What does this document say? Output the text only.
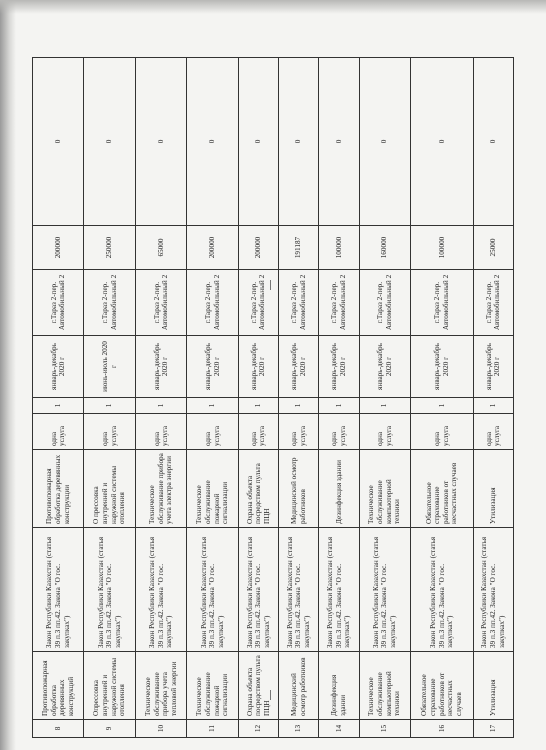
8	Противопожарная обработка деревянных конструкций	Закон Республики Казахстан (статья 39 п.3 пп.42. Закона "О гос. закупках")	Противопожарная обработка деревянных конструкции	одна услуга	1	январь-декабрь 2020 г	г.Тараз 2-пер. Автомобильный 2	200000	0
9	Опрессовка внутренней и наружной системы отопления	Закон Республики Казахстан (статья 39 п.3 пп.42. Закона "О гос. закупках")	О прессовка внутренней и наружной системы отопления	одна услуга	1	июнь-июль 2020 г	г.Тараз 2-пер. Автомобильный 2	250000	0
10	Техническое обслуживание прибора учета тепловой энергии	Закон Республики Казахстан (статья 39 п.3 пп.42. Закона "О гос. закупках")	Техническое обслуживание прибора учета электра энергии	одна услуга	1	январь-декабрь 2020 г	г.Тараз 2-пер. Автомобильный 2	65000	0
11	Техническое обслуживание пожарной сигнализации	Закон Республики Казахстан (статья 39 п.3 пп.42. Закона "О гос. закупках")	Техническое обслуживание пожарной сигнализации	одна услуга	1	январь-декабрь 2020 г	г.Тараз 2-пер. Автомобильный 2	200000	0
12	Охрана объекта посредством пульта ПЦН	Закон Республики Казахстан (статья 39 п.3 пп.42. Закона "О гос. закупках")	Охрана объекта посредством пульта ПЦН	одна услуга	1	январь-декабрь 2020 г	г.Тараз 2-пер. Автомобильный 2	200000	0
13	Медицинский осмотр работников	Закон Республики Казахстан (статья 39 п.3 пп.42. Закона "О гос. закупках")	Медицинский осмотр работников	одна услуга	1	январь-декабрь 2020 г	г.Тараз 2-пер. Автомобильный 2	191187	0
14	Дезинфекция здании	Закон Республики Казахстан (статья 39 п.3 пп.42. Закона "О гос. закупках")	Дезинфекция здании	одна услуга	1	январь-декабрь 2020 г	г.Тараз 2-пер. Автомобильный 2	100000	0
15	Техническое обслуживание компьютерной техники	Закон Республики Казахстан (статья 39 п.3 пп.42. Закона "О гос. закупках")	Техническое обслуживание компьютерной техники	одна услуга	1	январь-декабрь 2020 г	г.Тараз 2-пер. Автомобильный 2	160000	0
16	Обязательное страхование работников от несчастных случаев	Закон Республики Казахстан (статья 39 п.3 пп.42. Закона "О гос. закупках")	Обязательное страхование работников от несчастных случаев	одна услуга	1	январь-декабрь 2020 г	г.Тараз 2-пер. Автомобильный 2	100000	0
17	Утилизация	Закон Республики Казахстан (статья 39 п.3 пп.42. Закона "О гос. закупках")	Утилизация	одна услуга	1	январь-декабрь 2020 г	г.Тараз 2-пер. Автомобильный 2	25000	0
